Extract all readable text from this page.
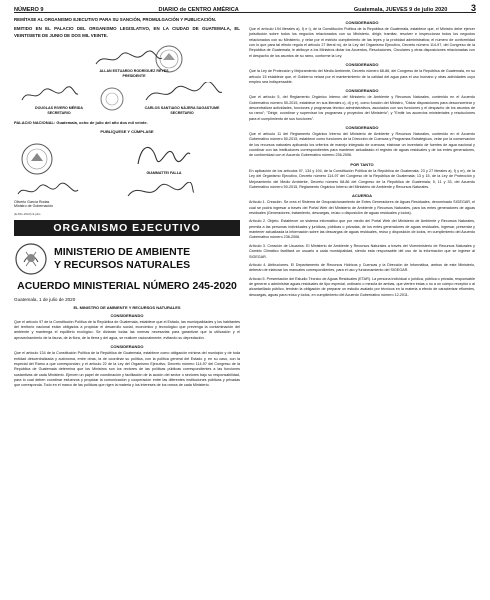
NÚMERO 9	DIARIO de CENTRO AMÉRICA	Guatemala, JUEVES 9 de julio 2020	3
REMÍTASE AL ORGANISMO EJECUTIVO PARA SU SANCIÓN, PROMULGACIÓN Y PUBLICACIÓN.
EMITIDO EN EL PALACIO DEL ORGANISMO LEGISLATIVO, EN LA CIUDAD DE GUATEMALA, EL VEINTISIETE DE JUNIO DE DOS MIL VEINTE.
ALLAN ESTUARDO RODRÍGUEZ REYES
PRESIDENTE
DOUGLAS RIVERO MÉRIDA
SECRETARIO
CARLOS SANTIAGO NÁJERA SAGASTUME
SECRETARIO
PALACIO NACIONAL: Guatemala, ocho de julio del año dos mil veinte.
PUBLÍQUESE Y CÚMPLASE
GIAMMATTEI FALLA
Oliverio García Rodas
Ministro de Gobernación
(E-811-2020)-9-julio
ORGANISMO EJECUTIVO
MINISTERIO DE AMBIENTE
Y RECURSOS NATURALES
ACUERDO MINISTERIAL NÚMERO 245-2020
Guatemala, 1 de julio de 2020
EL MINISTRO DE AMBIENTE Y RECURSOS NATURALES
CONSIDERANDO
Que el artículo 97 de la Constitución Política de la República de Guatemala, establece que el Estado, las municipalidades y los habitantes del territorio nacional están obligados a propiciar el desarrollo social, económico y tecnológico que prevenga la contaminación del ambiente y mantenga el equilibrio ecológico. Se dictarán todas las normas necesarias para garantizar que la utilización y el aprovechamiento de la fauna, de la flora, de la tierra y del agua, se realicen racionalmente, evitando su depredación.
CONSIDERANDO
Que el artículo 134 de la Constitución Política de la República de Guatemala, establece como obligación mínima del municipio y de toda entidad descentralizada y autónoma, entre otras, la de coordinar su política, con la política general del Estado y, en su caso, con la especial del Ramo a que correspondan; y el artículo 22 de la Ley del Organismo Ejecutivo, Decreto número 114-97 del Congreso de la República de Guatemala determina que los Ministros son los rectores de las políticas públicas correspondientes a las funciones sustantivas de cada Ministerio. Ejercen un papel de coordinación y facilitación de la acción del sector o sectores bajo su responsabilidad, para lo cual deben coordinar esfuerzos y propiciar la comunicación y cooperación entre las diferentes instituciones públicas y privadas que corresponda. Todo en el marco de las políticas que rigen la materia y los intereses de los ramos de cada Ministerio.
CONSIDERANDO
Que el artículo 194 literales a), f) e i), de la Constitución Política de la República de Guatemala, establece que, el Ministro debe ejercer jurisdicción sobre todos los negocios relacionados con su Ministerio, dirigir, tramitar, resolver e inspeccionar todos los negocios relacionados con su Ministerio, y velar por el estricto cumplimiento de las leyes y la probidad administrativa; el número de conformidad con lo que para tal efecto regula el artículo 27 literal m), de la Ley del Organismo Ejecutivo, Decreto número 114-97, del Congreso de la República de Guatemala, le atribuye a los Ministros dictar los Acuerdos, Resoluciones, Circulares y otras disposiciones relacionadas con el despacho de los asuntos de su ramo, conforme la Ley.
CONSIDERANDO
Que la Ley de Protección y Mejoramiento del Medio Ambiente, Decreto número 68-86, del Congreso de la República de Guatemala, en su artículo 15 establece que, el Gobierno velará por el mantenimiento de la calidad del agua para el uso humano y otras actividades cuyo empleo sea indispensable.
CONSIDERANDO
Que el artículo 5, del Reglamento Orgánico Interno del Ministerio de Ambiente y Recursos Naturales, contenido en el Acuerdo Gubernativo número 50-2015, establece en sus literales c), d) y e), como función del Ministro, "Dictar disposiciones para desconcentrar y descentralizar actividades, funciones y programas técnico administrativos, asociados con sus funciones y el despacho de los asuntos de su ramo"; "Dirigir, coordinar y supervisar los programas y proyectos del Ministerio"; y "Emitir los acuerdos ministeriales y resoluciones para el cumplimiento de sus funciones".
CONSIDERANDO
Que el artículo 11 del Reglamento Orgánico Interno del Ministerio de Ambiente y Recursos Naturales, contenido en el Acuerdo Gubernativo número 50-2015, establece como funciones de la Dirección de Cuencas y Programas Estratégicos, velar por la conservación de los recursos naturales aplicando los criterios de manejo integrado de cuencas; elaborar un inventario de fuentes de agua nacional y coordinar con las instituciones correspondientes para mantener actualizado el registro de aguas residuales y de los entes generadores, de conformidad con el Acuerdo Gubernativo número 236-2006.
POR TANTO
En aplicación de los artículos 97, 134 y 194, de la Constitución Política de la República de Guatemala; 23 y 27 literales a), f) y m), de la Ley del Organismo Ejecutivo, Decreto número 114-97 del Congreso de la República de Guatemala; 13 y 15, de la Ley de Protección y Mejoramiento del Medio Ambiente, Decreto número 68-86 del Congreso de la República de Guatemala; 5, 11 y 33, del Acuerdo Gubernativo número 50-2015, Reglamento Orgánico Interno del Ministerio de Ambiente y Recursos Naturales.
ACUERDA
Artículo 1. Creación. Se crea el Sistema de Geoposicionamiento de Entes Generadores de Aguas Residuales, denominado SIGEGAR, el cual se podrá ingresar a través del Portal Web del Ministerio de Ambiente y Recursos Naturales, para los entes generadores de aguas residuales (Generadores, tratamiento, descargas, reúso o disposición de aguas residuales y lodos).
Artículo 2. Objeto. Establecer un sistema informático que por medio del Portal Web del Ministerio de Ambiente y Recursos Naturales, permita a las personas individuales y jurídicas, públicas o privadas, de los entes generadores de aguas residuales, ingresar, presentar y mantener actualizada la información sobre las descargas de aguas residuales, reúso y disposición de lodos, en cumplimiento del Acuerdo Gubernativo número 236-2006.
Artículo 3. Creación de Usuarios. El Ministerio de Ambiente y Recursos Naturales a través del Viceministerio de Recursos Naturales y Cambio Climático facilitará un usuario a cada municipalidad, siendo esta responsable del uso de la información que se ingrese al SIGEGAR.
Artículo 4. Atribuciones. El Departamento de Recursos Hídricos y Cuencas y la Dirección de Informática, ambos de este Ministerio, deberán de elaborar los manuales correspondientes, para el uso y funcionamiento del SIGEGAR.
Artículo 5. Presentación del Estudio Técnico de Aguas Residuales (ETAR). La persona individual o jurídica, pública o privada, responsable de generar o administrar aguas residuales de tipo especial, ordinario o mezcla de ambas, que vierten éstas o no a un cuerpo receptor o al alcantarillado público, tendrán la obligación de preparar un estudio avalado por técnicos en la materia a efecto de caracterizar efluentes, descargas, aguas para reúso y lodos, en cumplimiento del Acuerdo Gubernativo número 12-2011.
